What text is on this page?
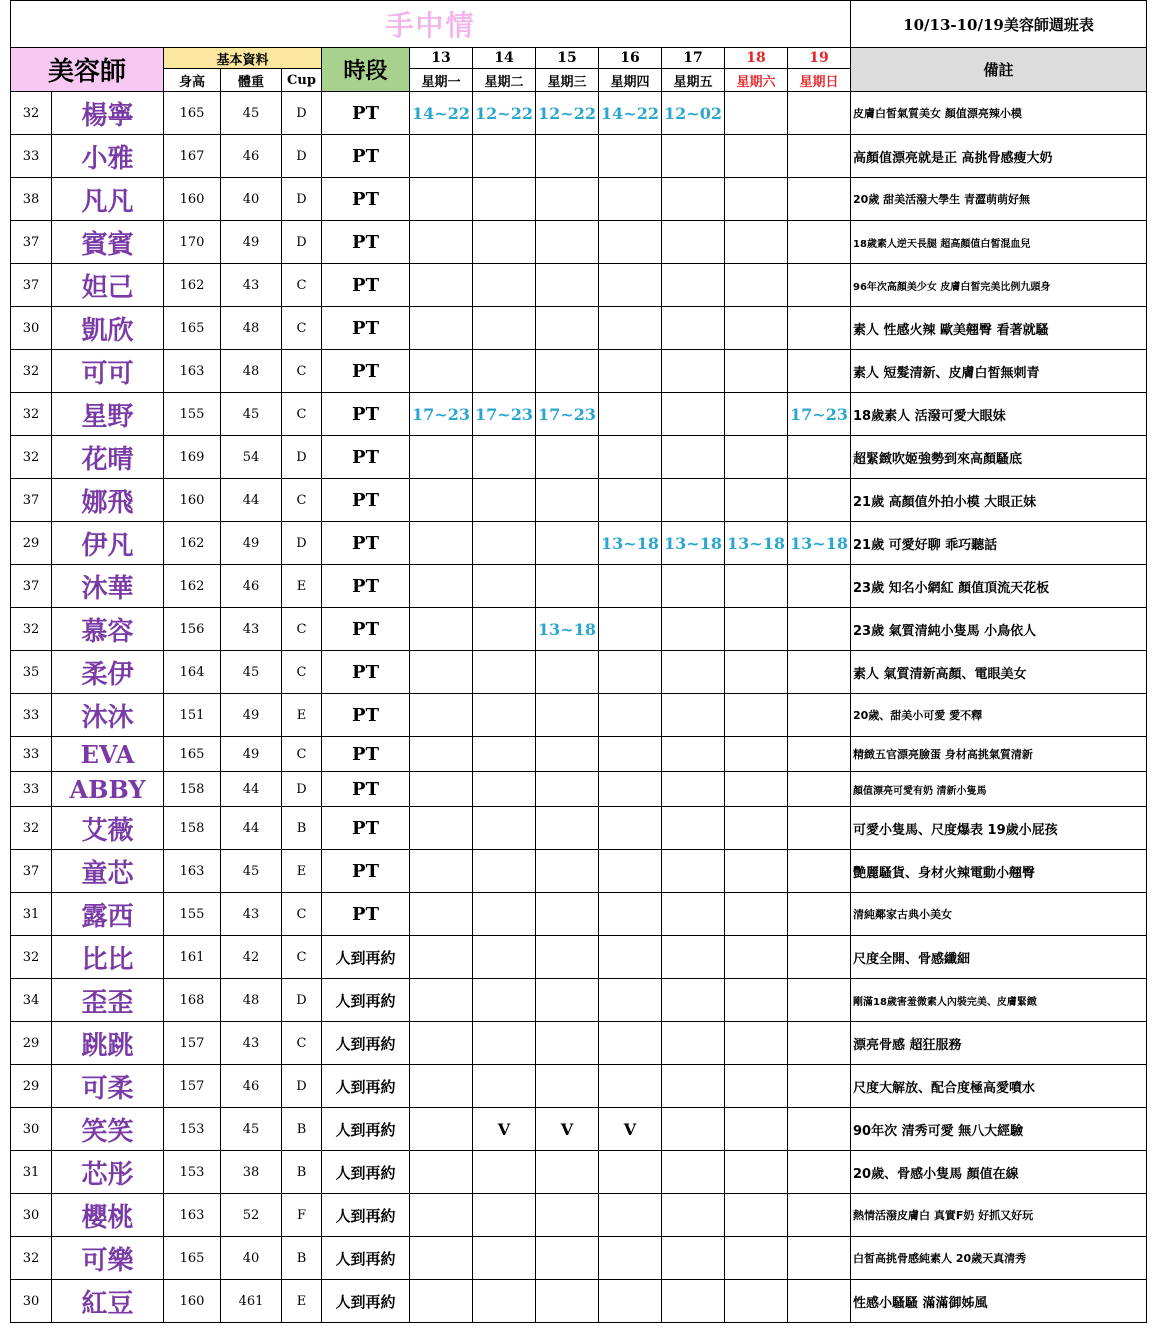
手中情													10/13-10/19美容師週班表
美容師		基本資料			時段	13	14	15	16	17	18	19	備註
		身高	體重	Cup		星期一	星期二	星期三	星期四	星期五	星期六	星期日	
32	楊寧	165	45	D	PT	14~22	12~22	12~22	14~22	12~02			皮膚白皙氣質美女 顏值漂亮辣小模
33	小雅	167	46	D	PT								高顏值漂亮就是正 高挑骨感瘦大奶
38	凡凡	160	40	D	PT								20歲 甜美活潑大學生 青澀萌萌好無
37	賓賓	170	49	D	PT								18歲素人逆天長腿 超高顏值白皙混血兒
37	妲己	162	43	C	PT								96年次高顏美少女 皮膚白皙完美比例九頭身
30	凱欣	165	48	C	PT								素人 性感火辣 歐美翹臀 看著就騷
32	可可	163	48	C	PT								素人 短髮清新、皮膚白皙無刺青
32	星野	155	45	C	PT	17~23	17~23	17~23				17~23	18歲素人 活潑可愛大眼妹
32	花晴	169	54	D	PT								超緊緻吹姬強勢到來高顏騷底
37	娜飛	160	44	C	PT								21歲 高顏值外拍小模 大眼正妹
29	伊凡	162	49	D	PT				13~18	13~18	13~18	13~18	21歲 可愛好聊 乖巧聽話
37	沐華	162	46	E	PT								23歲 知名小網紅 顏值頂流天花板
32	慕容	156	43	C	PT			13~18					23歲 氣質清純小隻馬 小鳥依人
35	柔伊	164	45	C	PT								素人 氣質清新高顏、電眼美女
33	沐沐	151	49	E	PT								20歲、甜美小可愛 愛不釋
33	EVA	165	49	C	PT								精緻五官漂亮臉蛋 身材高挑氣質清新
33	ABBY	158	44	D	PT								顏值漂亮可愛有奶 清新小隻馬
32	艾薇	158	44	B	PT								可愛小隻馬、尺度爆表 19歲小屁孩
37	童芯	163	45	E	PT								艷麗騷貨、身材火辣電動小翹臀
31	露西	155	43	C	PT								清純鄰家古典小美女
32	比比	161	42	C	人到再約								尺度全開、骨感纖細
34	歪歪	168	48	D	人到再約								剛滿18歲害羞微素人內裝完美、皮膚緊緻
29	跳跳	157	43	C	人到再約								漂亮骨感 超狂服務
29	可柔	157	46	D	人到再約								尺度大解放、配合度極高愛噴水
30	笑笑	153	45	B	人到再約		V	V	V				90年次 清秀可愛 無八大經驗
31	芯彤	153	38	B	人到再約								20歲、骨感小隻馬 顏值在線
30	櫻桃	163	52	F	人到再約								熱情活潑皮膚白 真實F奶 好抓又好玩
32	可樂	165	40	B	人到再約								白皙高挑骨感純素人 20歲天真清秀
30	紅豆	160	461	E	人到再約								性感小騷騷 滿滿御姊風
